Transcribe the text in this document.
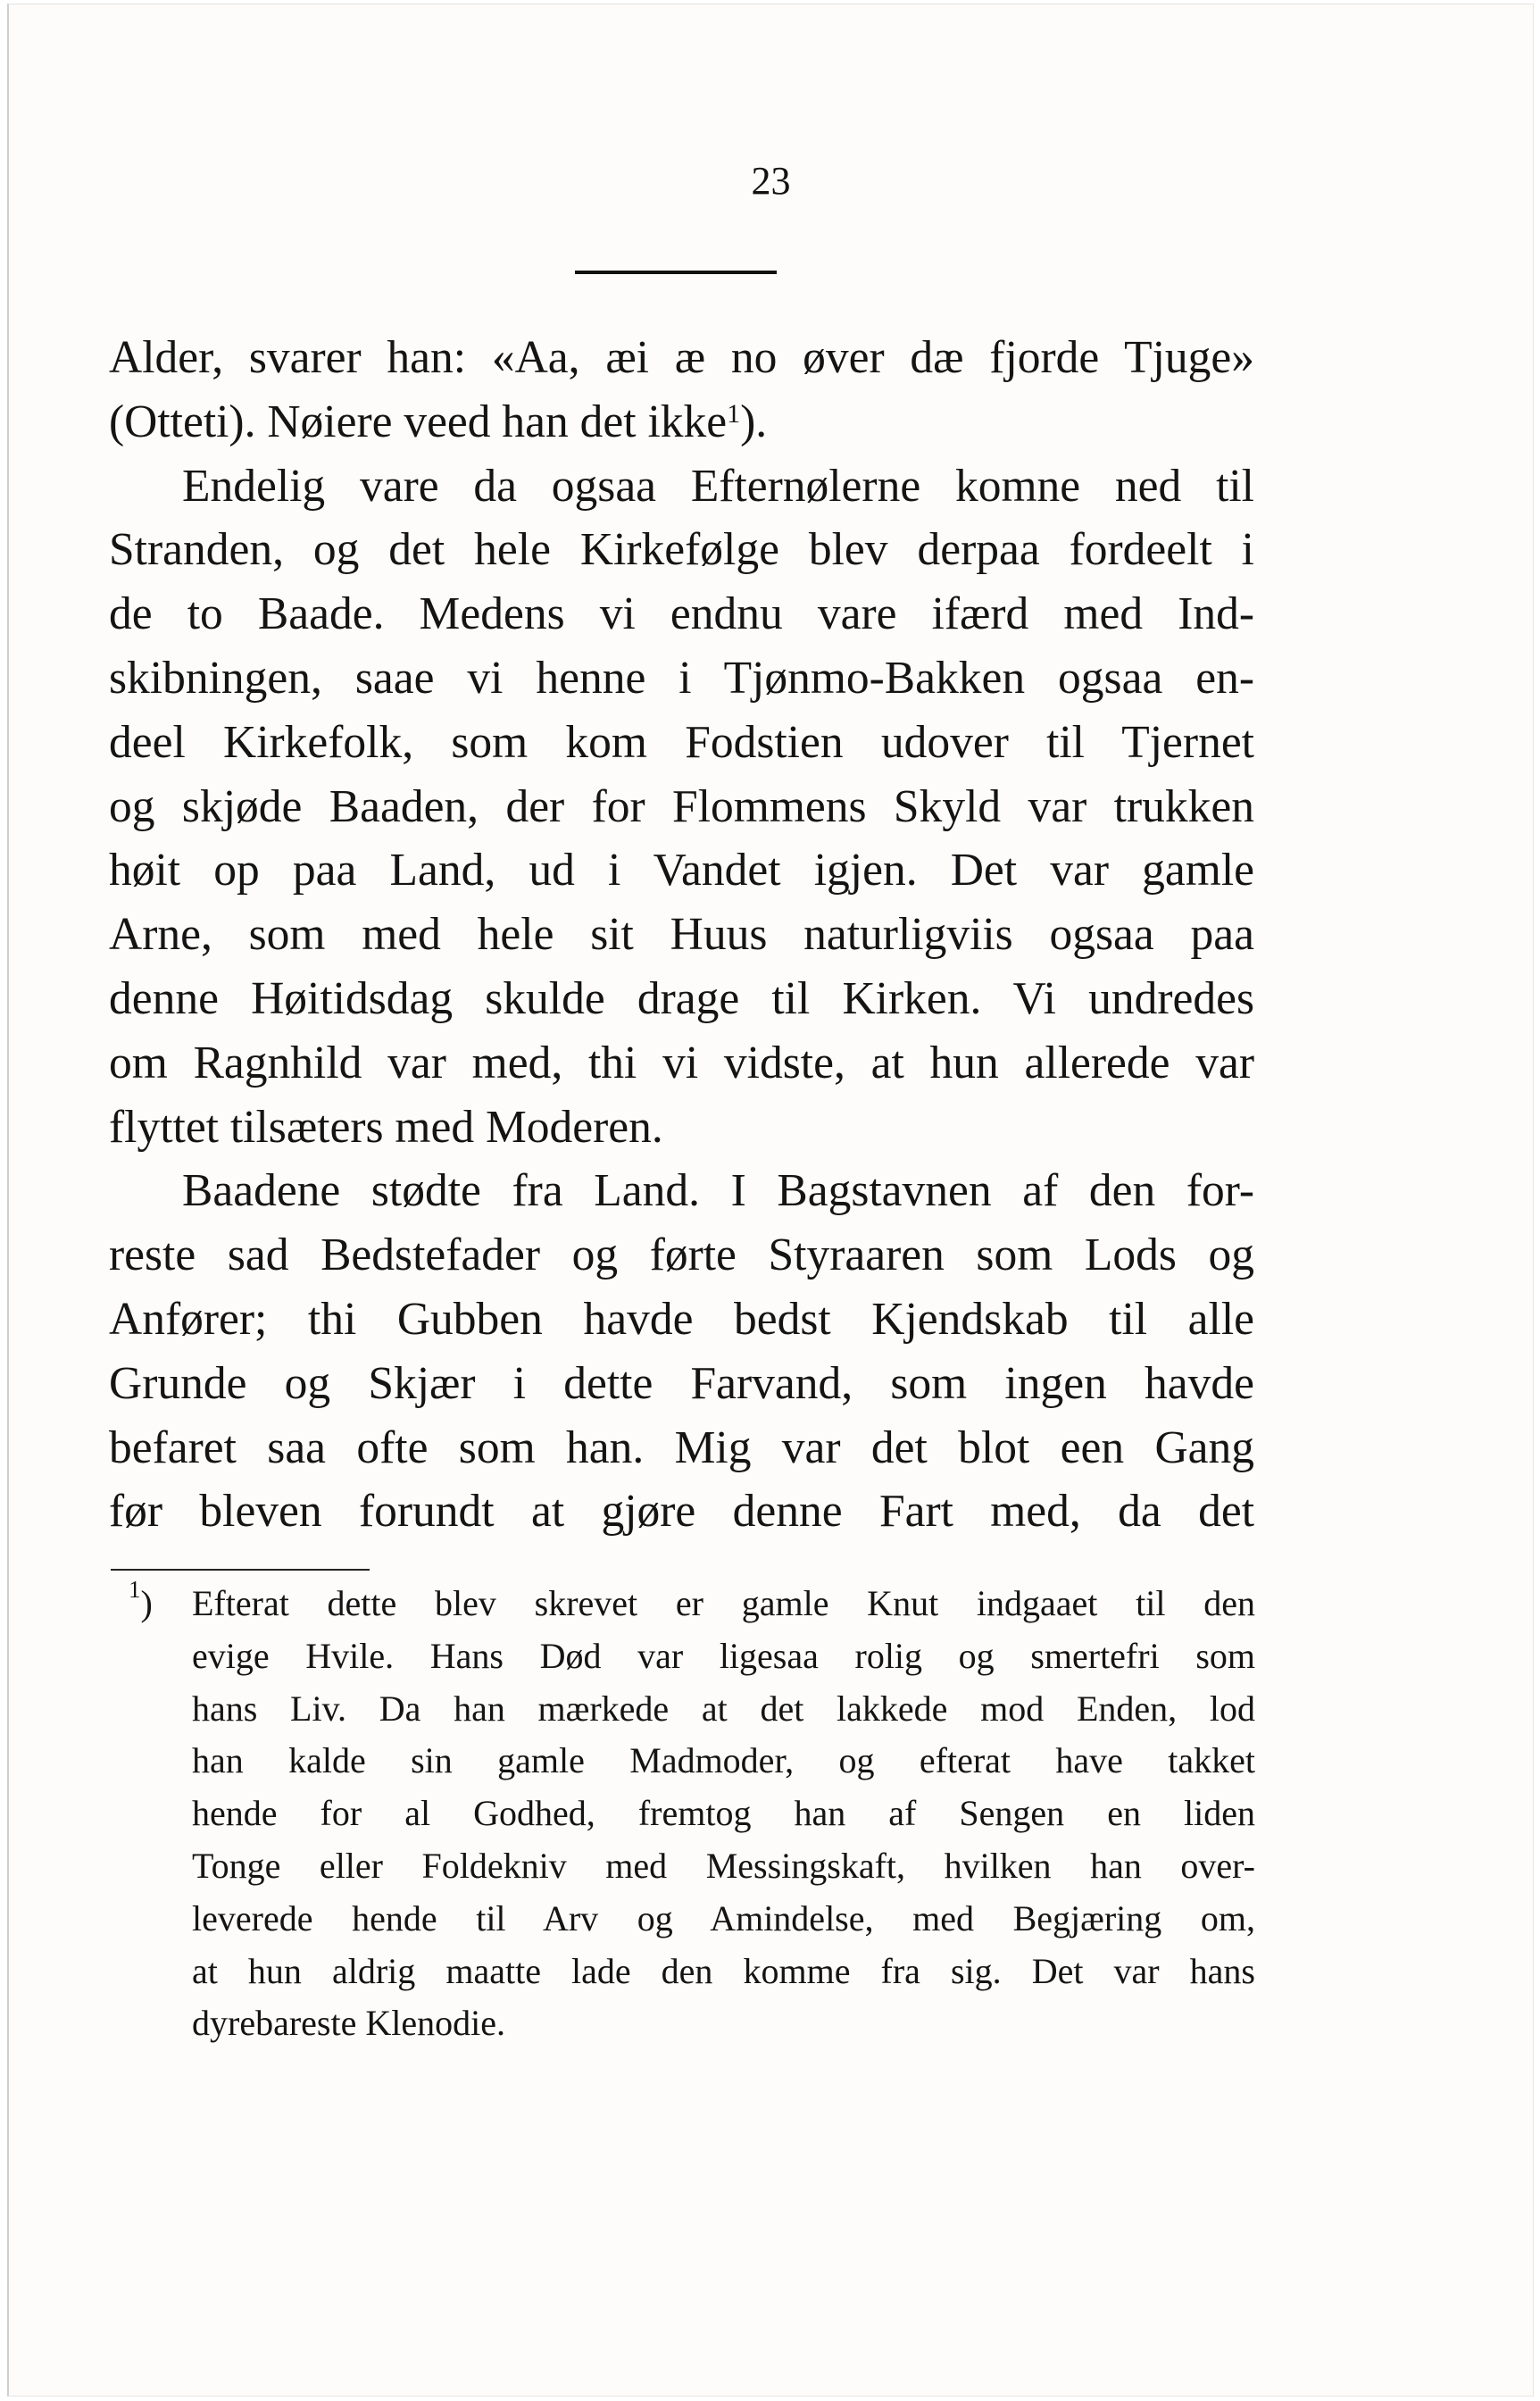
23
Alder, svarer han: «Aa, æi æ no øver dæ fjorde Tjuge»
(Otteti). Nøiere veed han det ikke$^1$).
Endelig vare da ogsaa Efternølerne komne ned til
Stranden, og det hele Kirkefølge blev derpaa fordeelt i
de to Baade. Medens vi endnu vare ifærd med Ind-
skibningen, saae vi henne i Tjønmo-Bakken ogsaa en-
deel Kirkefolk, som kom Fodstien udover til Tjernet
og skjøde Baaden, der for Flommens Skyld var trukken
høit op paa Land, ud i Vandet igjen. Det var gamle
Arne, som med hele sit Huus naturligviis ogsaa paa
denne Høitidsdag skulde drage til Kirken. Vi undredes
om Ragnhild var med, thi vi vidste, at hun allerede var
flyttet tilsæters med Moderen.
Baadene stødte fra Land. I Bagstavnen af den for-
reste sad Bedstefader og førte Styraaren som Lods og
Anfører; thi Gubben havde bedst Kjendskab til alle
Grunde og Skjær i dette Farvand, som ingen havde
befaret saa ofte som han. Mig var det blot een Gang
før bleven forundt at gjøre denne Fart med, da det
$^1$) Efterat dette blev skrevet er gamle Knut indgaaet til den
evige Hvile. Hans Død var ligesaa rolig og smertefri som
hans Liv. Da han mærkede at det lakkede mod Enden, lod
han kalde sin gamle Madmoder, og efterat have takket
hende for al Godhed, fremtog han af Sengen en liden
Tonge eller Foldekniv med Messingskaft, hvilken han over-
leverede hende til Arv og Amindelse, med Begjæring om,
at hun aldrig maatte lade den komme fra sig. Det var hans
dyrebareste Klenodie.
